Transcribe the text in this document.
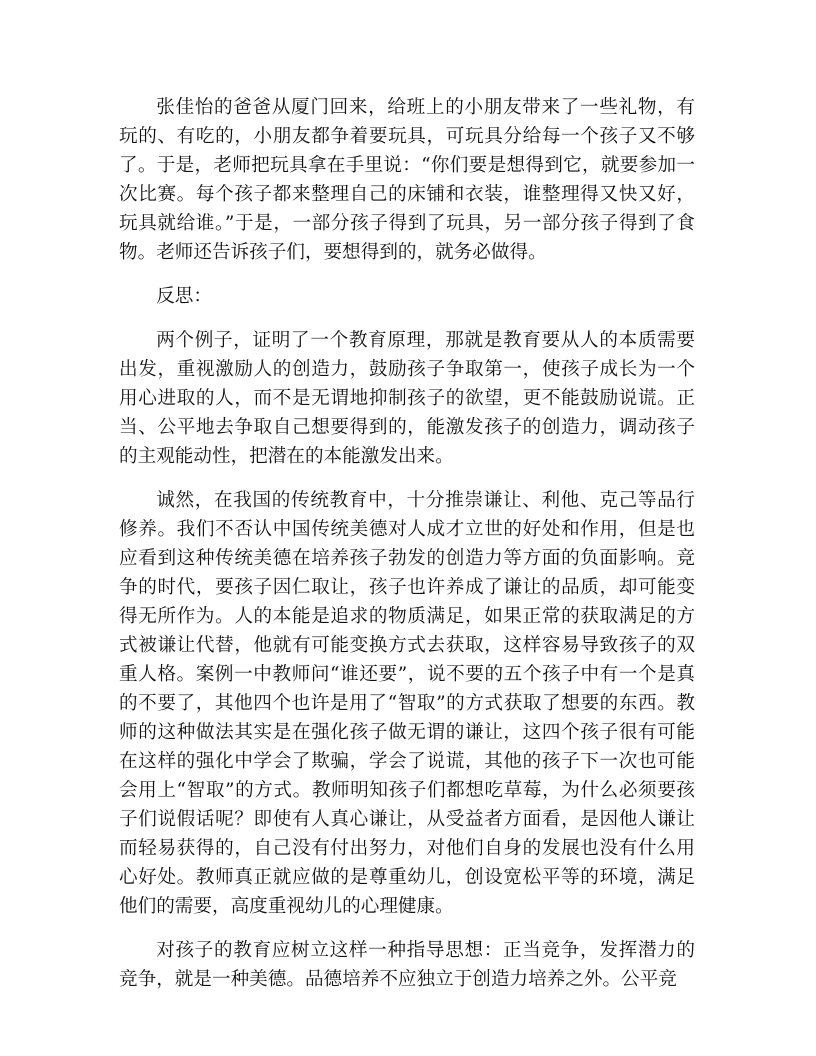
张佳怡的爸爸从厦门回来，给班上的小朋友带来了一些礼物，有玩的、有吃的，小朋友都争着要玩具，可玩具分给每一个孩子又不够了。于是，老师把玩具拿在手里说：“你们要是想得到它，就要参加一次比赛。每个孩子都来整理自己的床铺和衣装，谁整理得又快又好，玩具就给谁。”于是，一部分孩子得到了玩具，另一部分孩子得到了食物。老师还告诉孩子们，要想得到的，就务必做得。

反思：

两个例子，证明了一个教育原理，那就是教育要从人的本质需要出发，重视激励人的创造力，鼓励孩子争取第一，使孩子成长为一个用心进取的人，而不是无谓地抑制孩子的欲望，更不能鼓励说谎。正当、公平地去争取自己想要得到的，能激发孩子的创造力，调动孩子的主观能动性，把潜在的本能激发出来。

诚然，在我国的传统教育中，十分推崇谦让、利他、克己等品行修养。我们不否认中国传统美德对人成才立世的好处和作用，但是也应看到这种传统美德在培养孩子勃发的创造力等方面的负面影响。竞争的时代，要孩子因仁取让，孩子也许养成了谦让的品质，却可能变得无所作为。人的本能是追求的物质满足，如果正常的获取满足的方式被谦让代替，他就有可能变换方式去获取，这样容易导致孩子的双重人格。案例一中教师问“谁还要”，说不要的五个孩子中有一个是真的不要了，其他四个也许是用了“智取”的方式获取了想要的东西。教师的这种做法其实是在强化孩子做无谓的谦让，这四个孩子很有可能在这样的强化中学会了欺骗，学会了说谎，其他的孩子下一次也可能会用上“智取”的方式。教师明知孩子们都想吃草莓，为什么必须要孩子们说假话呢？即使有人真心谦让，从受益者方面看，是因他人谦让而轻易获得的，自己没有付出努力，对他们自身的发展也没有什么用心好处。教师真正就应做的是尊重幼儿，创设宽松平等的环境，满足他们的需要，高度重视幼儿的心理健康。

对孩子的教育应树立这样一种指导思想：正当竞争，发挥潜力的竞争，就是一种美德。品德培养不应独立于创造力培养之外。公平竞
